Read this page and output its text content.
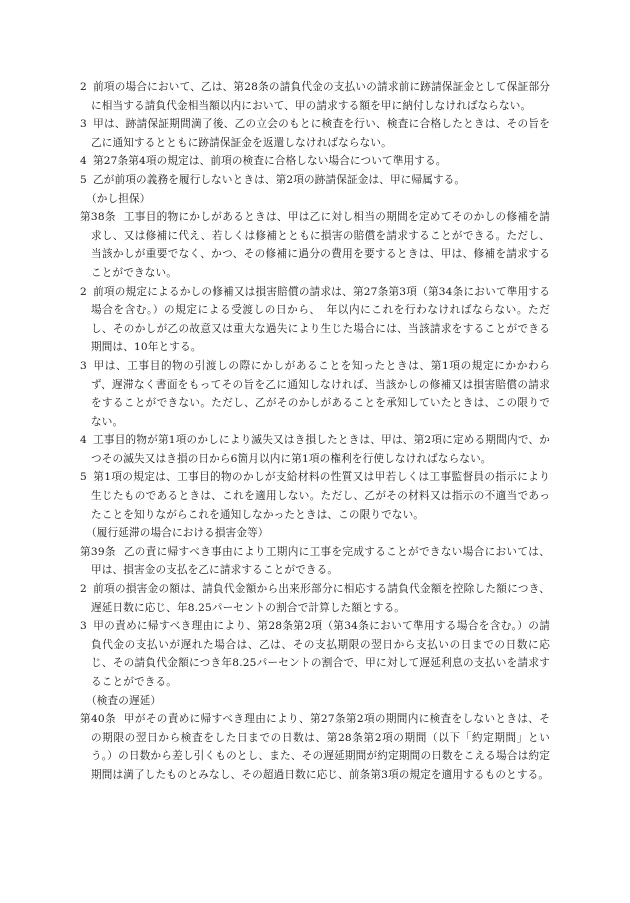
2 前項の場合において、乙は、第28条の請負代金の支払いの請求前に跡請保証金として保証部分に相当する請負代金相当額以内において、甲の請求する額を甲に納付しなければならない。

3 甲は、跡請保証期間満了後、乙の立会のもとに検査を行い、検査に合格したときは、その旨を乙に通知するとともに跡請保証金を返還しなければならない。

4 第27条第4項の規定は、前項の検査に合格しない場合について準用する。

5 乙が前項の義務を履行しないときは、第2項の跡請保証金は、甲に帰属する。

（かし担保）

第38条 工事目的物にかしがあるときは、甲は乙に対し相当の期間を定めてそのかしの修補を請求し、又は修補に代え、若しくは修補とともに損害の賠償を請求することができる。ただし、当該かしが重要でなく、かつ、その修補に過分の費用を要するときは、甲は、修補を請求することができない。

2 前項の規定によるかしの修補又は損害賠償の請求は、第27条第3項（第34条において準用する場合を含む。）の規定による受渡しの日から、　年以内にこれを行わなければならない。ただし、そのかしが乙の故意又は重大な過失により生じた場合には、当該請求をすることができる期間は、10年とする。

3 甲は、工事目的物の引渡しの際にかしがあることを知ったときは、第1項の規定にかかわらず、遅滞なく書面をもってその旨を乙に通知しなければ、当該かしの修補又は損害賠償の請求をすることができない。ただし、乙がそのかしがあることを承知していたときは、この限りでない。

4 工事目的物が第1項のかしにより滅失又はき損したときは、甲は、第2項に定める期間内で、かつその滅失又はき損の日から6箇月以内に第1項の権利を行使しなければならない。

5 第1項の規定は、工事目的物のかしが支給材料の性質又は甲若しくは工事監督員の指示により生じたものであるときは、これを適用しない。ただし、乙がその材料又は指示の不適当であったことを知りながらこれを通知しなかったときは、この限りでない。

（履行延滞の場合における損害金等）

第39条 乙の責に帰すべき事由により工期内に工事を完成することができない場合においては、甲は、損害金の支払を乙に請求することができる。

2 前項の損害金の額は、請負代金額から出来形部分に相応する請負代金額を控除した額につき、遅延日数に応じ、年8.25パーセントの割合で計算した額とする。

3 甲の責めに帰すべき理由により、第28条第2項（第34条において準用する場合を含む。）の請負代金の支払いが遅れた場合は、乙は、その支払期限の翌日から支払いの日までの日数に応じ、その請負代金額につき年8.25パーセントの割合で、甲に対して遅延利息の支払いを請求することができる。

（検査の遅延）

第40条 甲がその責めに帰すべき理由により、第27条第2項の期間内に検査をしないときは、その期限の翌日から検査をした日までの日数は、第28条第2項の期間（以下「約定期間」という。）の日数から差し引くものとし、また、その遅延期間が約定期間の日数をこえる場合は約定期間は満了したものとみなし、その超過日数に応じ、前条第3項の規定を適用するものとする。
